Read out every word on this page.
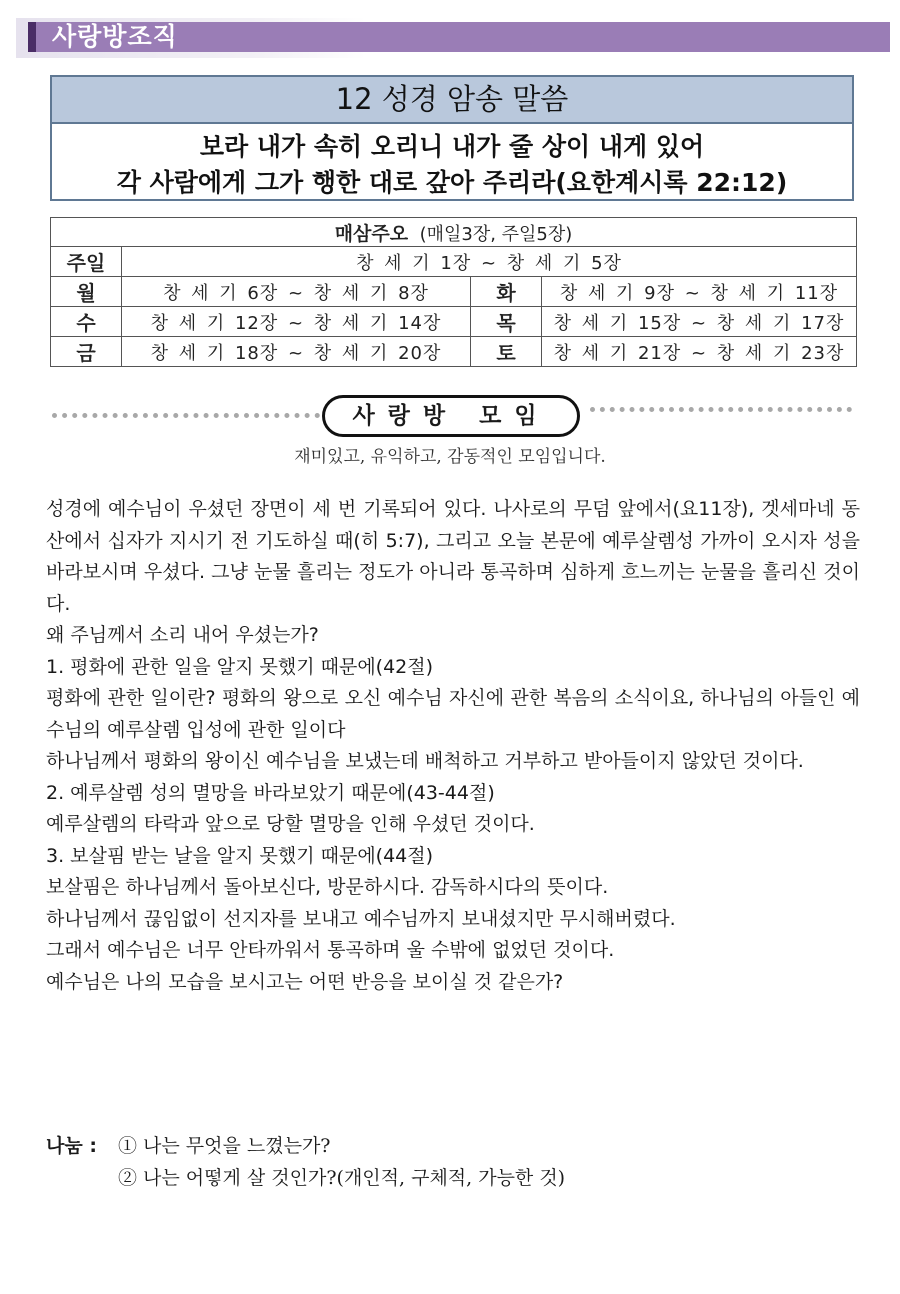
사랑방조직
12 성경 암송 말씀
보라 내가 속히 오리니 내가 줄 상이 내게 있어
각 사람에게 그가 행한 대로 갚아 주리라(요한계시록 22:12)
매삼주오 (매일3장, 주일5장)			
주일	창 세 기 1장 ~ 창 세 기 5장		
월	창 세 기 6장 ~ 창 세 기 8장	화	창 세 기 9장 ~ 창 세 기 11장
수	창 세 기 12장 ~ 창 세 기 14장	목	창 세 기 15장 ~ 창 세 기 17장
금	창 세 기 18장 ~ 창 세 기 20장	토	창 세 기 21장 ~ 창 세 기 23장
사랑방 모임
재미있고, 유익하고, 감동적인 모임입니다.

성경에 예수님이 우셨던 장면이 세 번 기록되어 있다. 나사로의 무덤 앞에서(요11장), 겟세마네 동산에서 십자가 지시기 전 기도하실 때(히 5:7), 그리고 오늘 본문에 예루살렘성 가까이 오시자 성을 바라보시며 우셨다. 그냥 눈물 흘리는 정도가 아니라 통곡하며 심하게 흐느끼는 눈물을 흘리신 것이다.

왜 주님께서 소리 내어 우셨는가?

1. 평화에 관한 일을 알지 못했기 때문에(42절)

평화에 관한 일이란? 평화의 왕으로 오신 예수님 자신에 관한 복음의 소식이요, 하나님의 아들인 예수님의 예루살렘 입성에 관한 일이다

하나님께서 평화의 왕이신 예수님을 보냈는데 배척하고 거부하고 받아들이지 않았던 것이다.

2. 예루살렘 성의 멸망을 바라보았기 때문에(43-44절)

예루살렘의 타락과 앞으로 당할 멸망을 인해 우셨던 것이다.

3. 보살핌 받는 날을 알지 못했기 때문에(44절)

보살핌은 하나님께서 돌아보신다, 방문하시다. 감독하시다의 뜻이다.

하나님께서 끊임없이 선지자를 보내고 예수님까지 보내셨지만 무시해버렸다.

그래서 예수님은 너무 안타까워서 통곡하며 울 수밖에 없었던 것이다.

예수님은 나의 모습을 보시고는 어떤 반응을 보이실 것 같은가?

나눔 : ① 나는 무엇을 느꼈는가?
② 나는 어떻게 살 것인가?(개인적, 구체적, 가능한 것)
